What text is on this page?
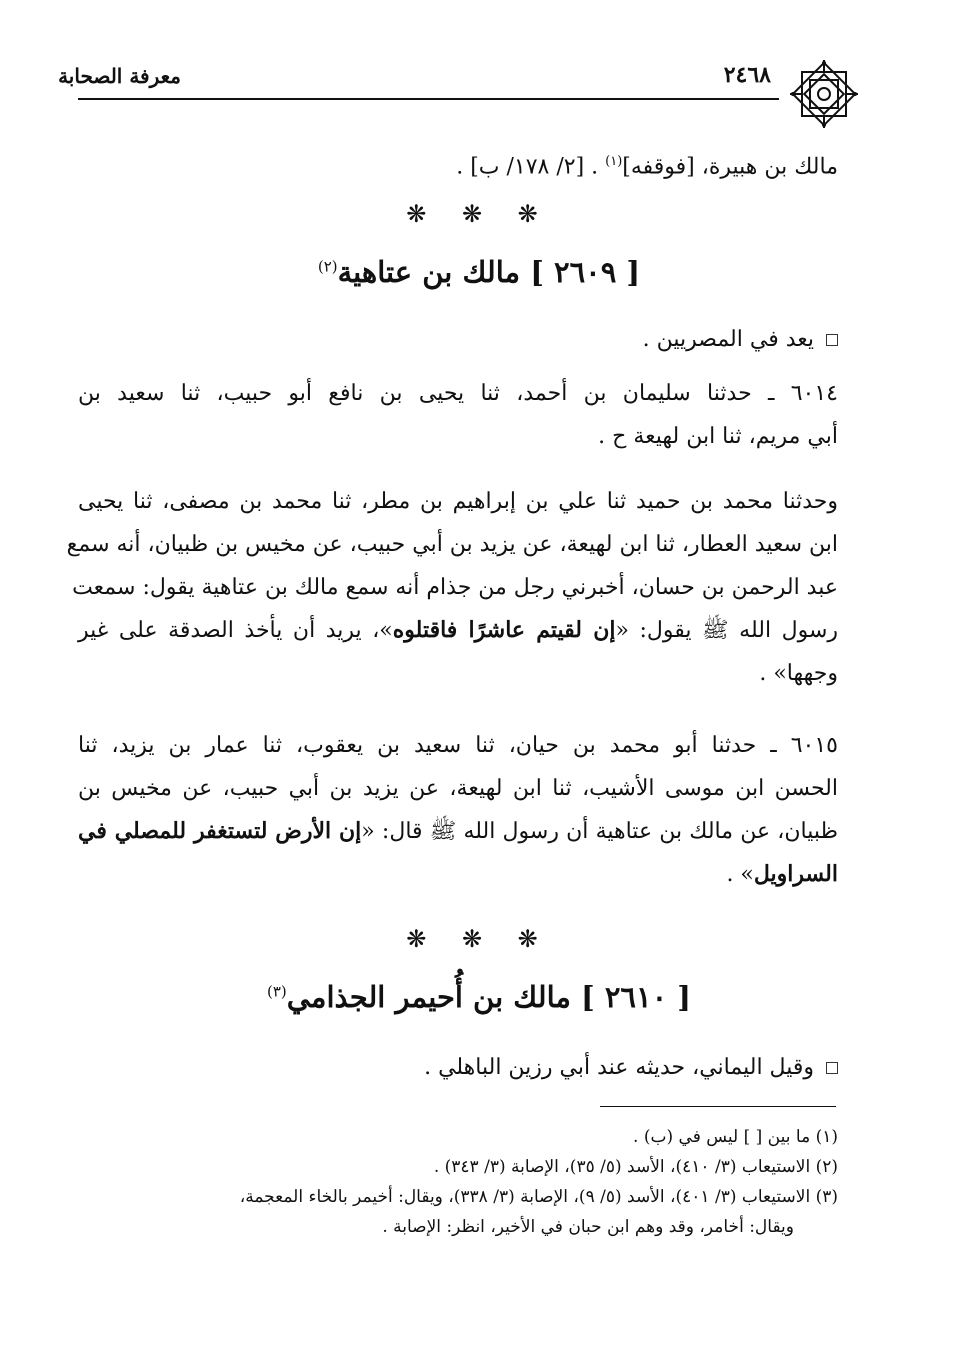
معرفة الصحابة	٢٤٦٨
مالك بن هبيرة، [فوقفه]$^{(١)}$ . [٢/ ١٧٨/ ب] .
❋ ❋ ❋
[ ٢٦٠٩ ] مالك بن عتاهية$^{(٢)}$
يعد في المصريين .
٦٠١٤ ـ حدثنا سليمان بن أحمد، ثنا يحيى بن نافع أبو حبيب، ثنا سعيد بن
أبي مريم، ثنا ابن لهيعة ح .
وحدثنا محمد بن حميد ثنا علي بن إبراهيم بن مطر، ثنا محمد بن مصفى، ثنا يحيى
ابن سعيد العطار، ثنا ابن لهيعة، عن يزيد بن أبي حبيب، عن مخيس بن ظبيان، أنه سمع
عبد الرحمن بن حسان، أخبرني رجل من جذام أنه سمع مالك بن عتاهية يقول: سمعت
رسول الله ﷺ يقول: «إن لقيتم عاشرًا فاقتلوه»، يريد أن يأخذ الصدقة على غير
وجهها» .
٦٠١٥ ـ حدثنا أبو محمد بن حيان، ثنا سعيد بن يعقوب، ثنا عمار بن يزيد، ثنا
الحسن ابن موسى الأشيب، ثنا ابن لهيعة، عن يزيد بن أبي حبيب، عن مخيس بن
ظبيان، عن مالك بن عتاهية أن رسول الله ﷺ قال: «إن الأرض لتستغفر للمصلي في
السراويل» .
❋ ❋ ❋
[ ٢٦١٠ ] مالك بن أُحيمر الجذامي$^{(٣)}$
وقيل اليماني، حديثه عند أبي رزين الباهلي .
(١) ما بين [ ] ليس في (ب) .
(٢) الاستيعاب (٣/ ٤١٠)، الأسد (٥/ ٣٥)، الإصابة (٣/ ٣٤٣) .
(٣) الاستيعاب (٣/ ٤٠١)، الأسد (٥/ ٩)، الإصابة (٣/ ٣٣٨)، ويقال: أخيمر بالخاء المعجمة،
ويقال: أخامر، وقد وهم ابن حبان في الأخير، انظر: الإصابة .
